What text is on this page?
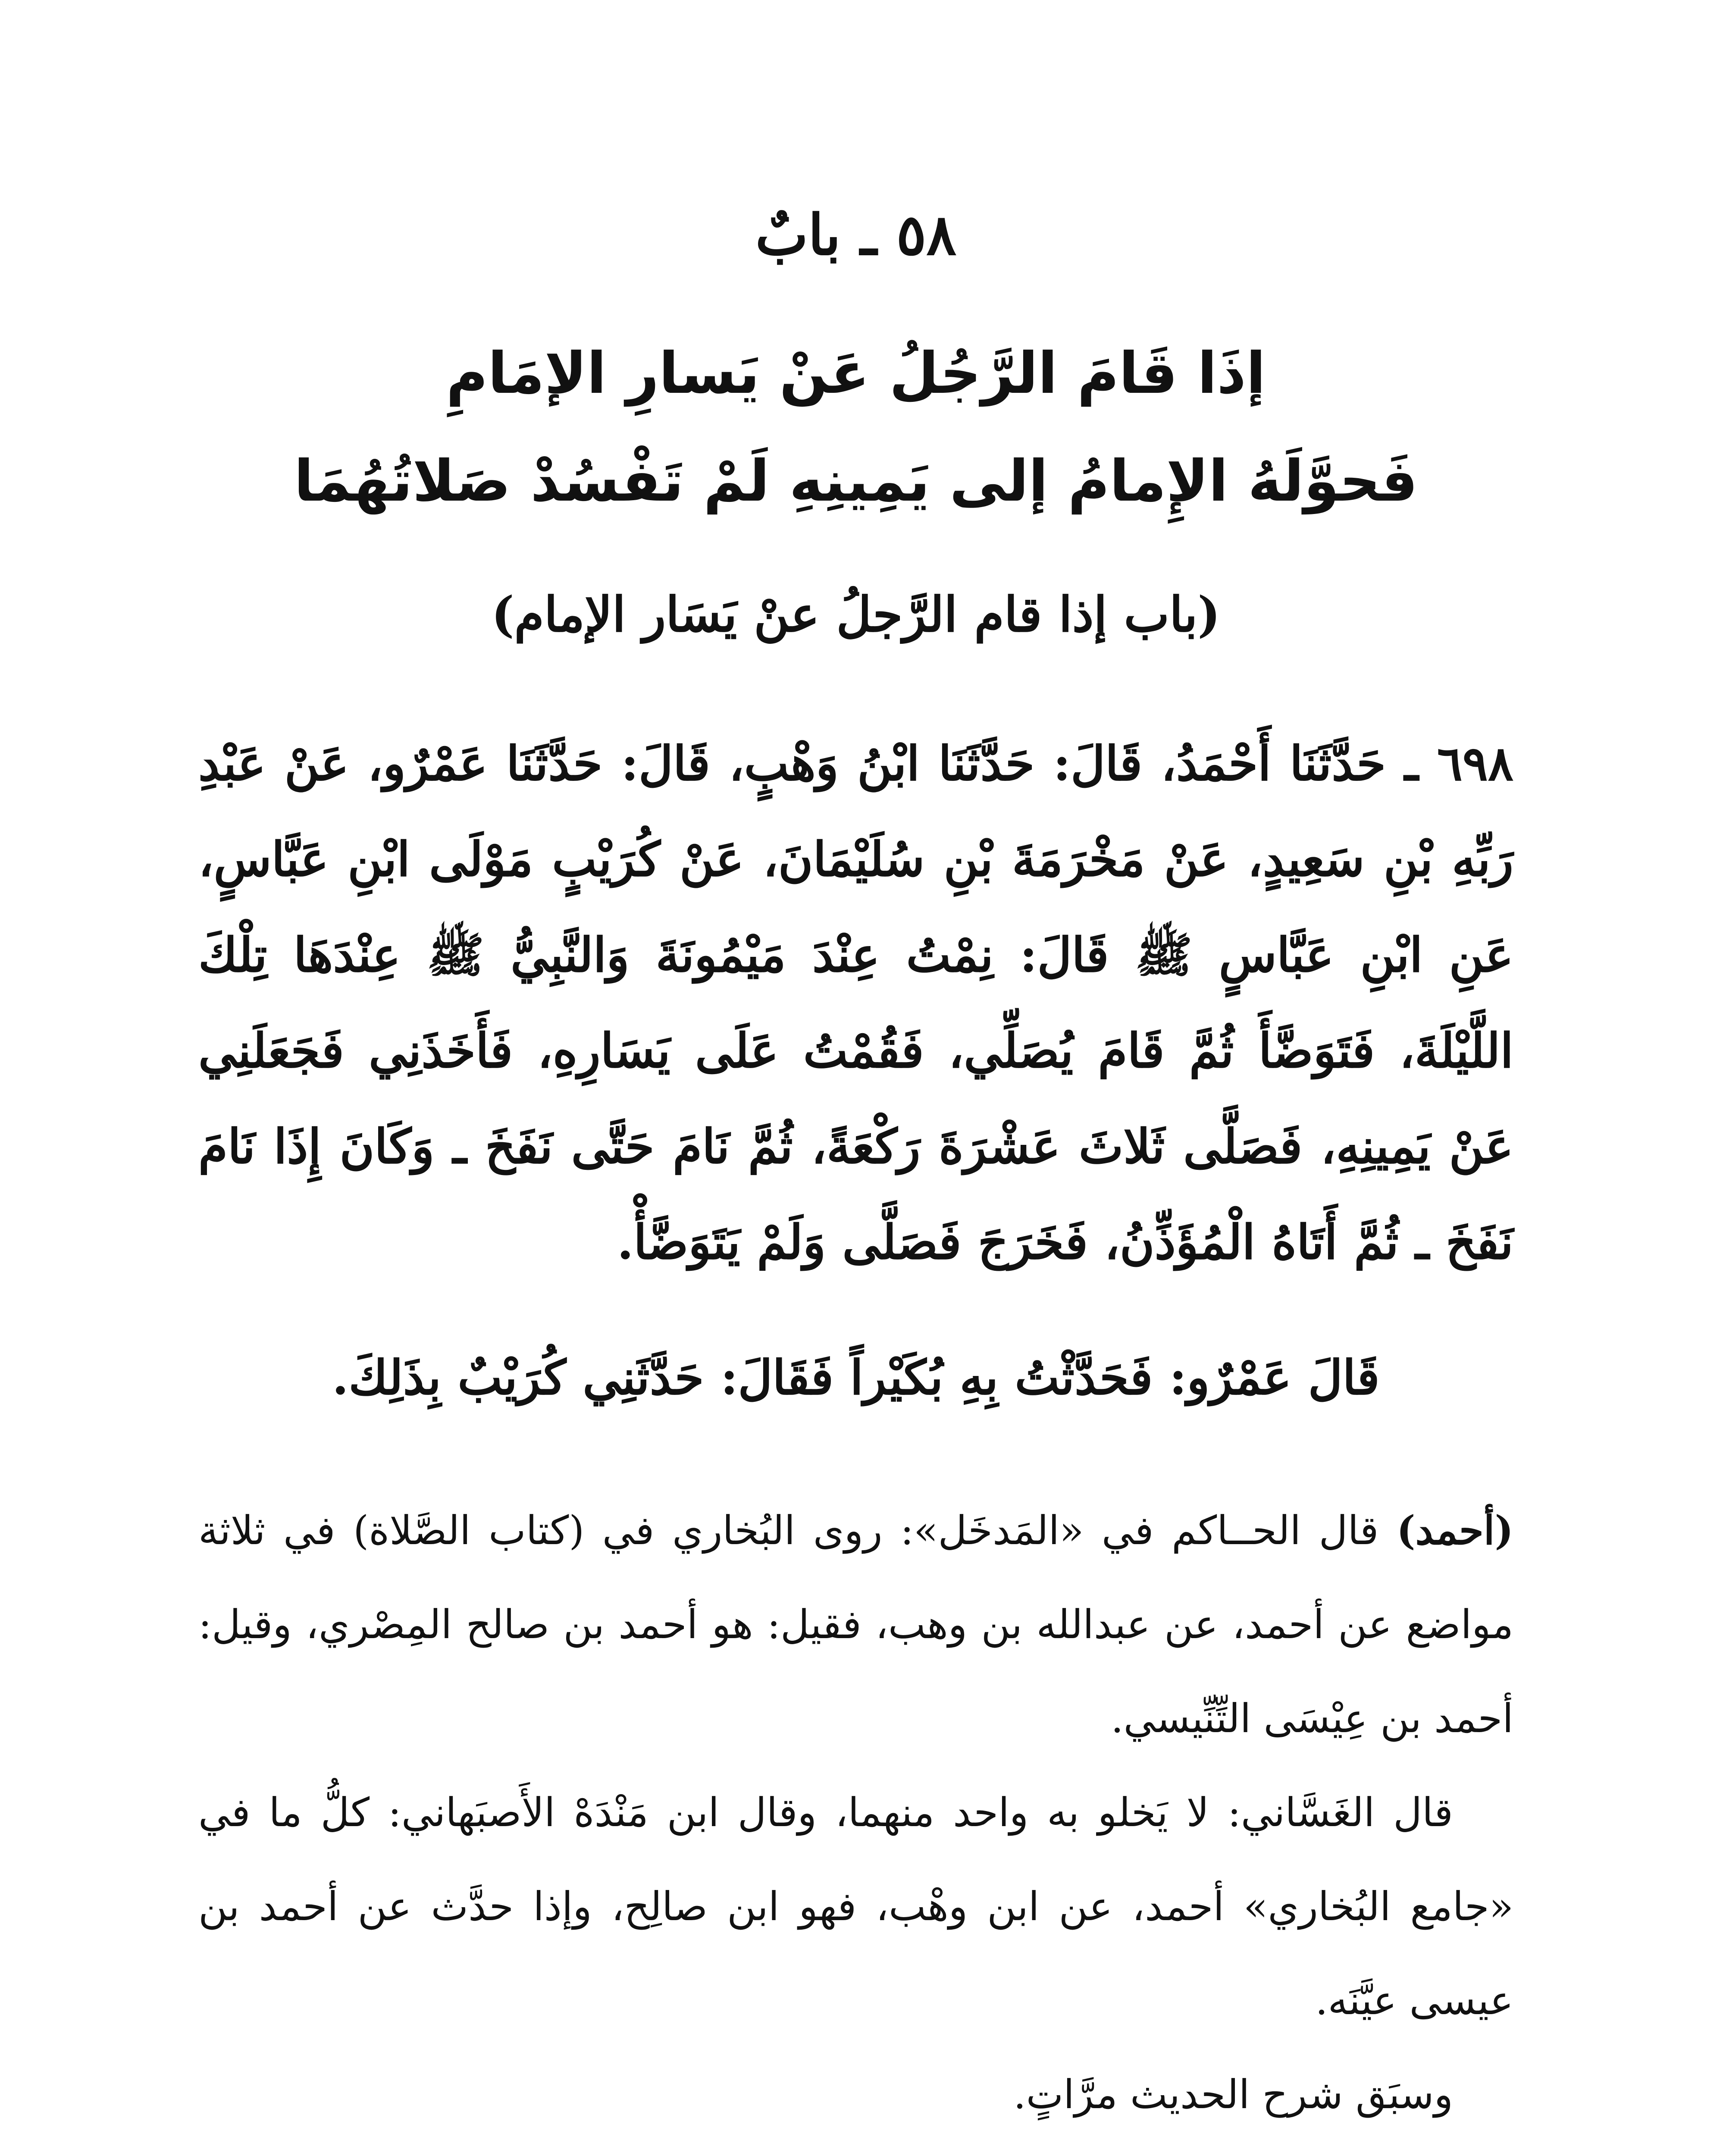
٥٨ ـ بابٌ
إذَا قَامَ الرَّجُلُ عَنْ يَسارِ الإمَامِ
فَحوَّلَهُ الإِمامُ إلى يَمِينِهِ لَمْ تَفْسُدْ صَلاتُهُمَا
(باب إذا قام الرَّجلُ عنْ يَسَار الإمام)
٦٩٨ ـ حَدَّثَنَا أَحْمَدُ، قَالَ: حَدَّثَنَا ابْنُ وَهْبٍ، قَالَ: حَدَّثَنَا عَمْرٌو، عَنْ عَبْدِ رَبِّهِ بْنِ سَعِيدٍ، عَنْ مَخْرَمَةَ بْنِ سُلَيْمَانَ، عَنْ كُرَيْبٍ مَوْلَى ابْنِ عَبَّاسٍ، عَنِ ابْنِ عَبَّاسٍ ﷺ قَالَ: نِمْتُ عِنْدَ مَيْمُونَةَ وَالنَّبِيُّ ﷺ عِنْدَهَا تِلْكَ اللَّيْلَةَ، فَتَوَضَّأَ ثُمَّ قَامَ يُصَلِّي، فَقُمْتُ عَلَى يَسَارِهِ، فَأَخَذَنِي فَجَعَلَنِي عَنْ يَمِينِهِ، فَصَلَّى ثَلاثَ عَشْرَةَ رَكْعَةً، ثُمَّ نَامَ حَتَّى نَفَخَ ـ وَكَانَ إِذَا نَامَ نَفَخَ ـ ثُمَّ أَتَاهُ الْمُؤَذِّنُ، فَخَرَجَ فَصَلَّى وَلَمْ يَتَوَضَّأْ.
قَالَ عَمْرٌو: فَحَدَّثْتُ بِهِ بُكَيْراً فَقَالَ: حَدَّثَنِي كُرَيْبٌ بِذَلِكَ.

(أحمد) قال الحــاكم في «المَدخَل»: روى البُخاري في (كتاب الصَّلاة) في ثلاثة مواضع عن أحمد، عن عبدالله بن وهب، فقيل: هو أحمد بن صالح المِصْري، وقيل: أحمد بن عِيْسَى التِّنِّيسي.

قال الغَسَّاني: لا يَخلو به واحد منهما، وقال ابن مَنْدَهْ الأَصبَهاني: كلُّ ما في «جامع البُخاري» أحمد، عن ابن وهْب، فهو ابن صالِح، وإذا حدَّث عن أحمد بن عيسى عيَّنَه.

وسبَق شرح الحديث مرَّاتٍ.
